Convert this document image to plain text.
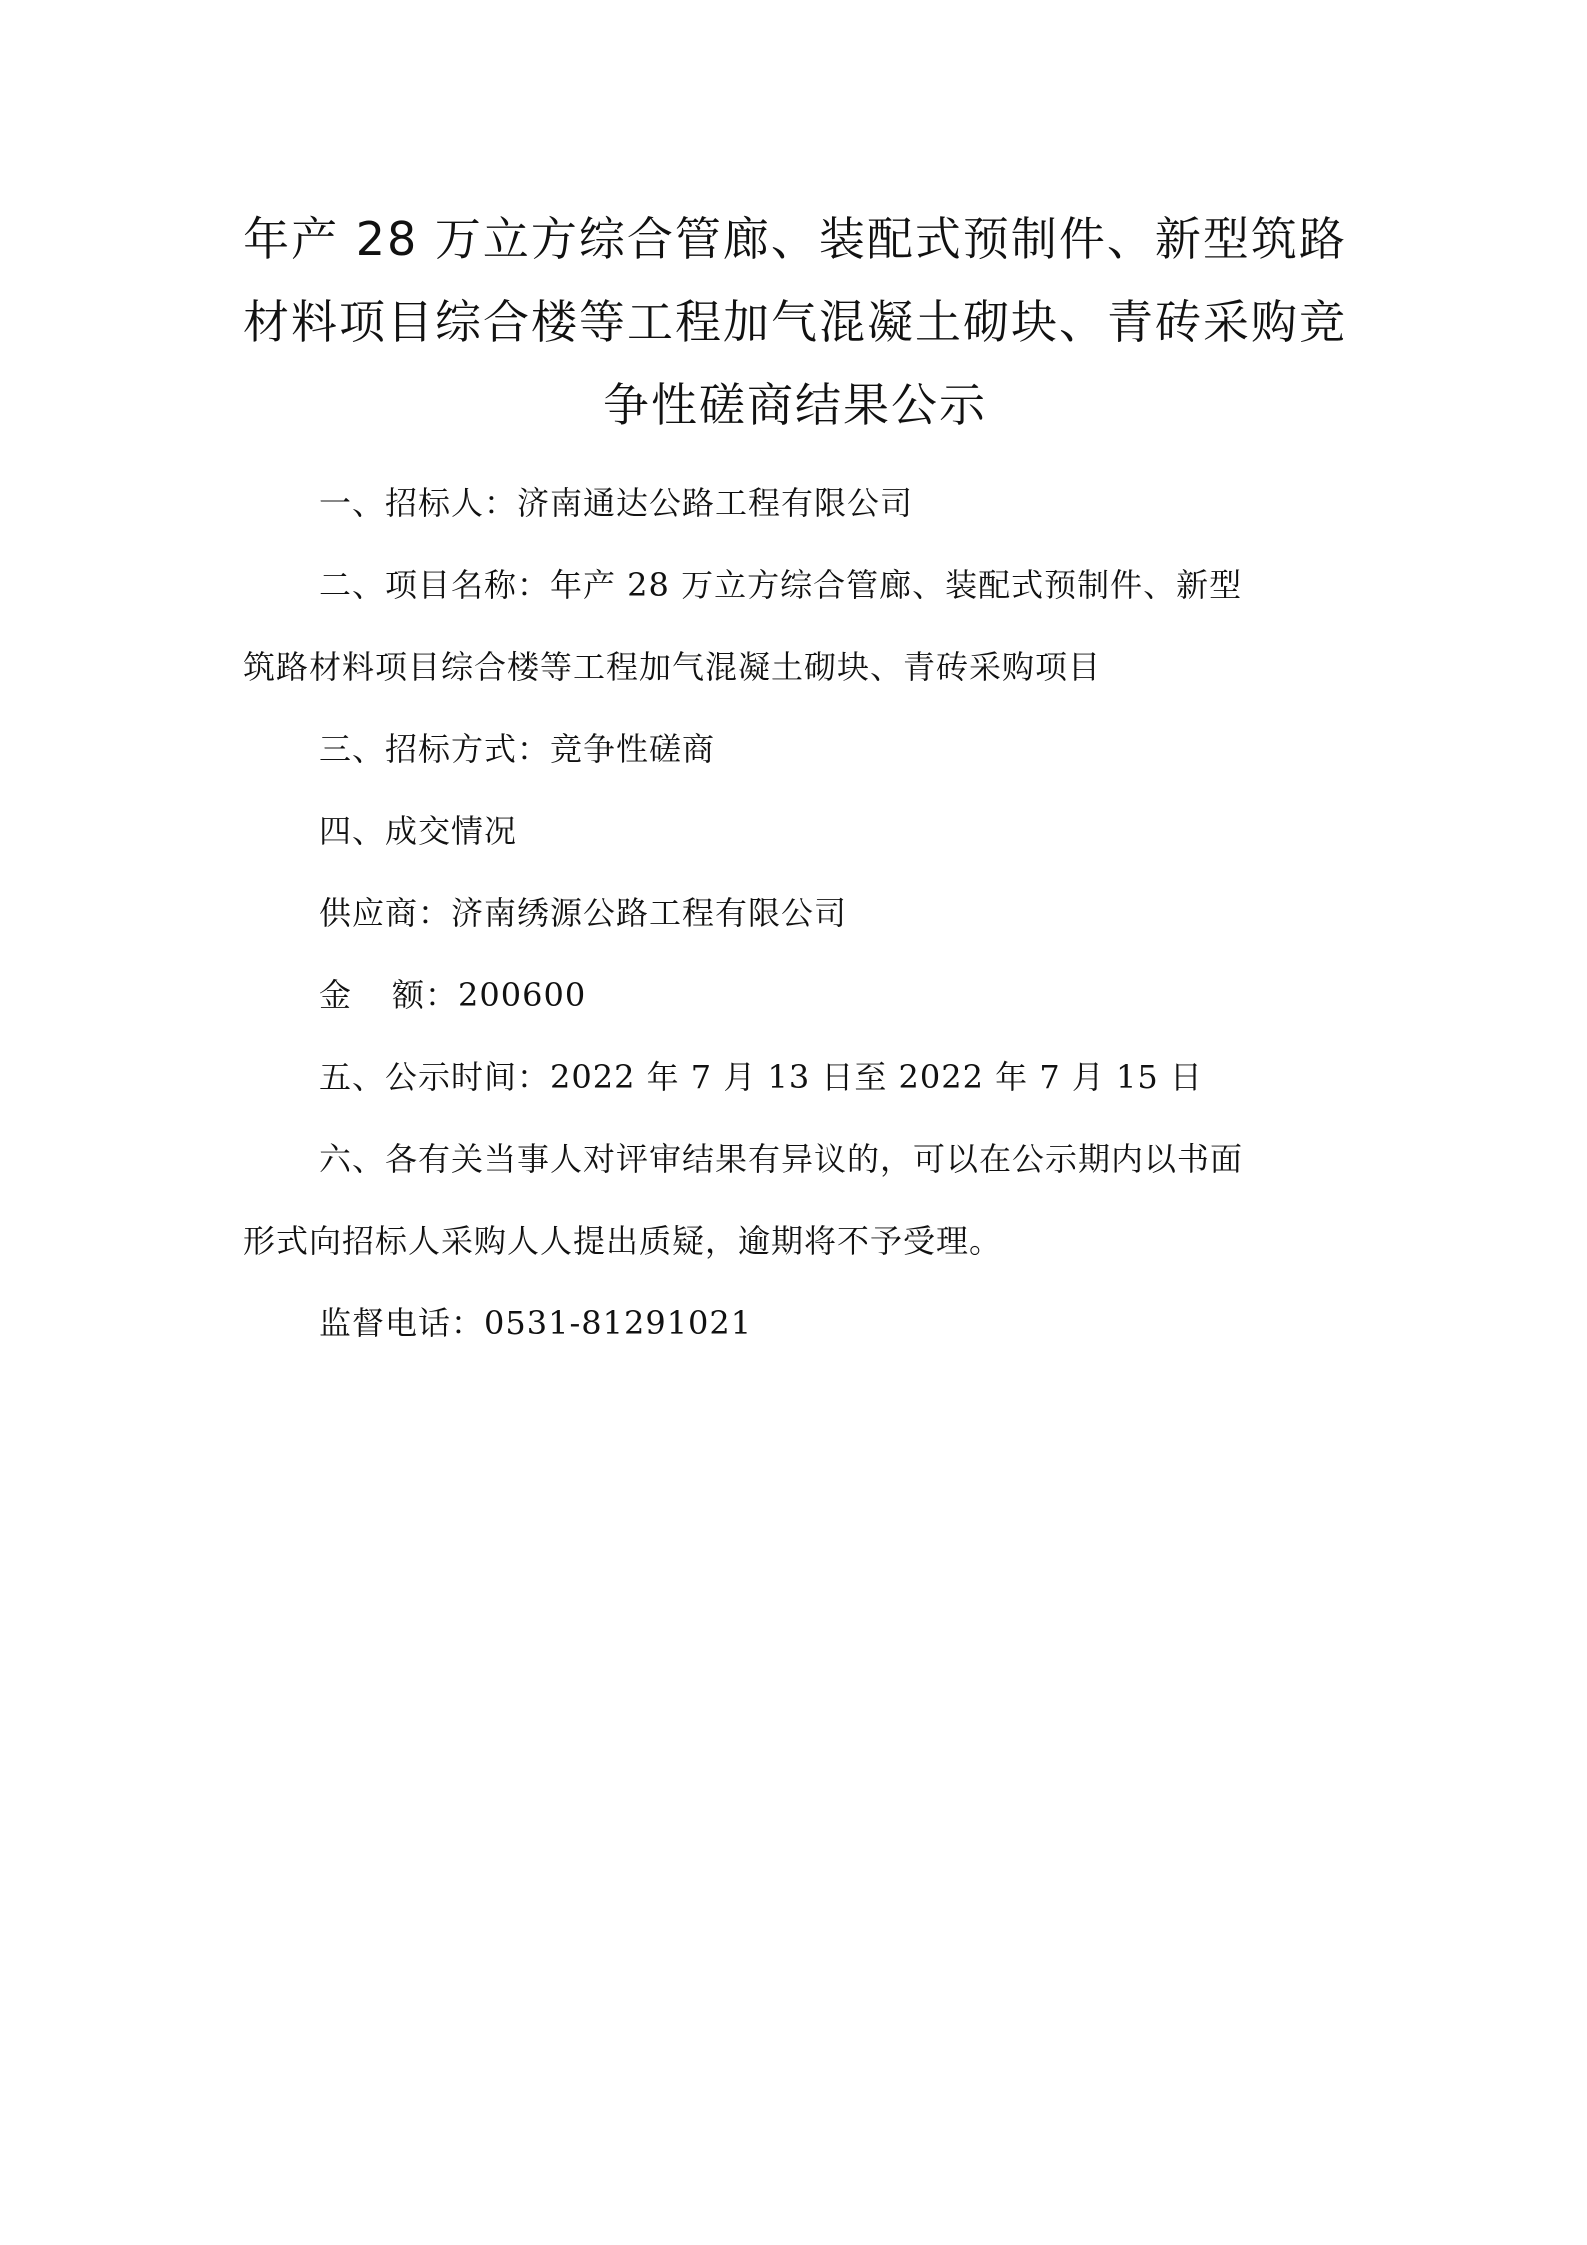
年产 28 万立方综合管廊、装配式预制件、新型筑路
材料项目综合楼等工程加气混凝土砌块、青砖采购竞
争性磋商结果公示

一、招标人：济南通达公路工程有限公司

二、项目名称：年产 28 万立方综合管廊、装配式预制件、新型

筑路材料项目综合楼等工程加气混凝土砌块、青砖采购项目

三、招标方式：竞争性磋商

四、成交情况

供应商：济南绣源公路工程有限公司

金 额：200600

五、公示时间：2022 年 7 月 13 日至 2022 年 7 月 15 日

六、各有关当事人对评审结果有异议的，可以在公示期内以书面

形式向招标人采购人人提出质疑，逾期将不予受理。

监督电话：0531-81291021
